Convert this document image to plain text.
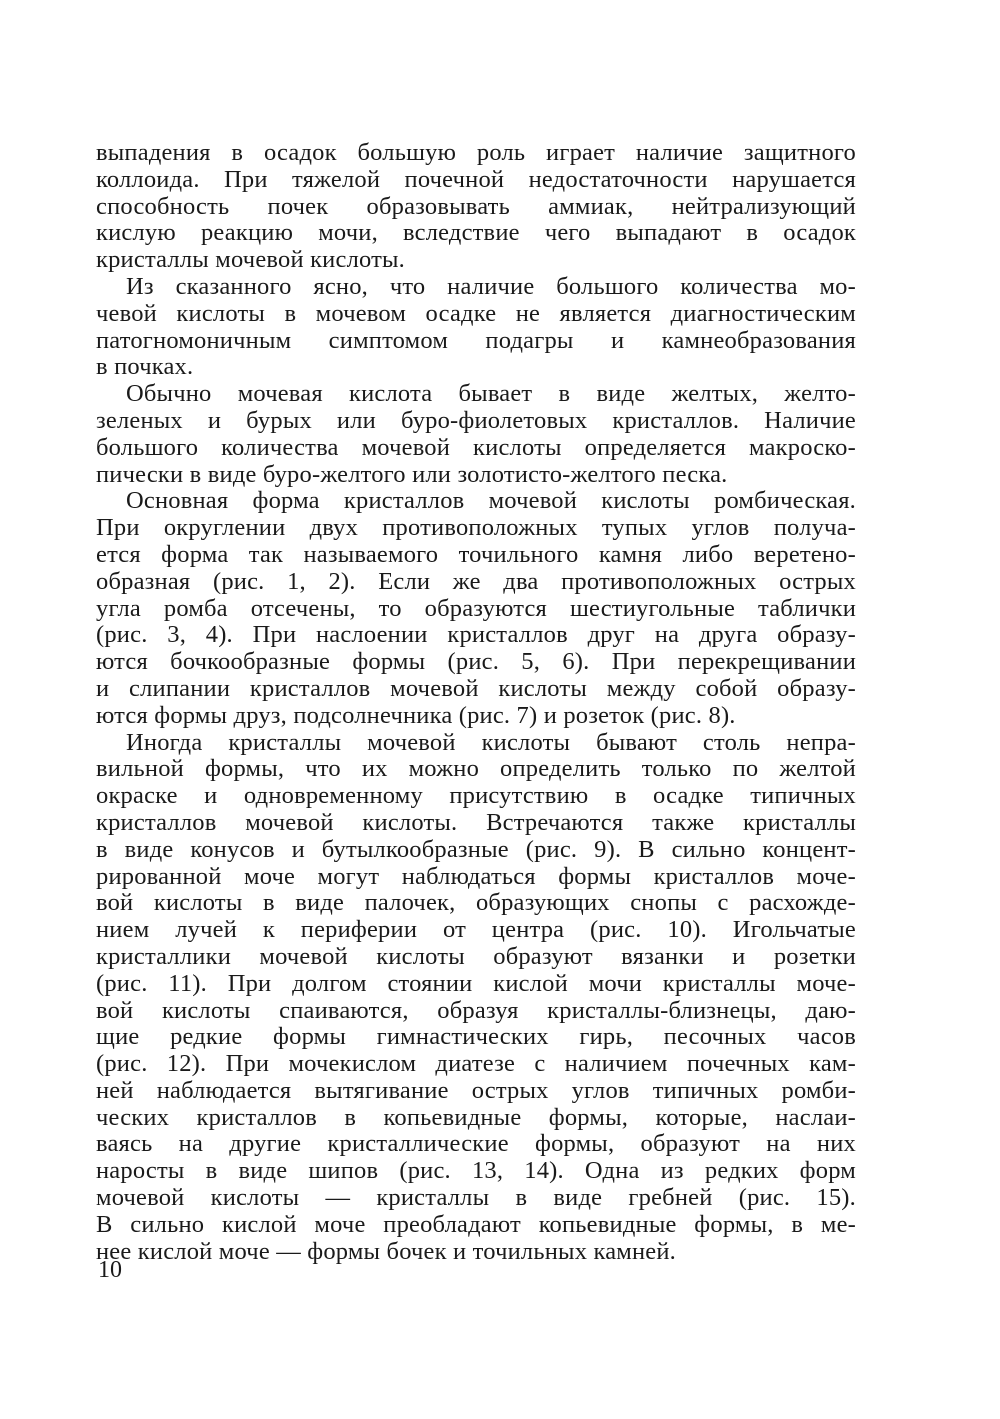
выпадения в осадок большую роль играет наличие защитного
коллоида. При тяжелой почечной недостаточности нарушается
способность почек образовывать аммиак, нейтрализующий
кислую реакцию мочи, вследствие чего выпадают в осадок
кристаллы мочевой кислоты.
Из сказанного ясно, что наличие большого количества мо-
чевой кислоты в мочевом осадке не является диагностическим
патогномоничным симптомом подагры и камнеобразования
в почках.
Обычно мочевая кислота бывает в виде желтых, желто-
зеленых и бурых или буро-фиолетовых кристаллов. Наличие
большого количества мочевой кислоты определяется макроско-
пически в виде буро-желтого или золотисто-желтого песка.
Основная форма кристаллов мочевой кислоты ромбическая.
При округлении двух противоположных тупых углов получа-
ется форма так называемого точильного камня либо веретено-
образная (рис. 1, 2). Если же два противоположных острых
угла ромба отсечены, то образуются шестиугольные таблички
(рис. 3, 4). При наслоении кристаллов друг на друга образу-
ются бочкообразные формы (рис. 5, 6). При перекрещивании
и слипании кристаллов мочевой кислоты между собой образу-
ются формы друз, подсолнечника (рис. 7) и розеток (рис. 8).
Иногда кристаллы мочевой кислоты бывают столь непра-
вильной формы, что их можно определить только по желтой
окраске и одновременному присутствию в осадке типичных
кристаллов мочевой кислоты. Встречаются также кристаллы
в виде конусов и бутылкообразные (рис. 9). В сильно концент-
рированной моче могут наблюдаться формы кристаллов моче-
вой кислоты в виде палочек, образующих снопы с расхожде-
нием лучей к периферии от центра (рис. 10). Игольчатые
кристаллики мочевой кислоты образуют вязанки и розетки
(рис. 11). При долгом стоянии кислой мочи кристаллы моче-
вой кислоты спаиваются, образуя кристаллы-близнецы, даю-
щие редкие формы гимнастических гирь, песочных часов
(рис. 12). При мочекислом диатезе с наличием почечных кам-
ней наблюдается вытягивание острых углов типичных ромби-
ческих кристаллов в копьевидные формы, которые, наслаи-
ваясь на другие кристаллические формы, образуют на них
наросты в виде шипов (рис. 13, 14). Одна из редких форм
мочевой кислоты — кристаллы в виде гребней (рис. 15).
В сильно кислой моче преобладают копьевидные формы, в ме-
нее кислой моче — формы бочек и точильных камней.
10
